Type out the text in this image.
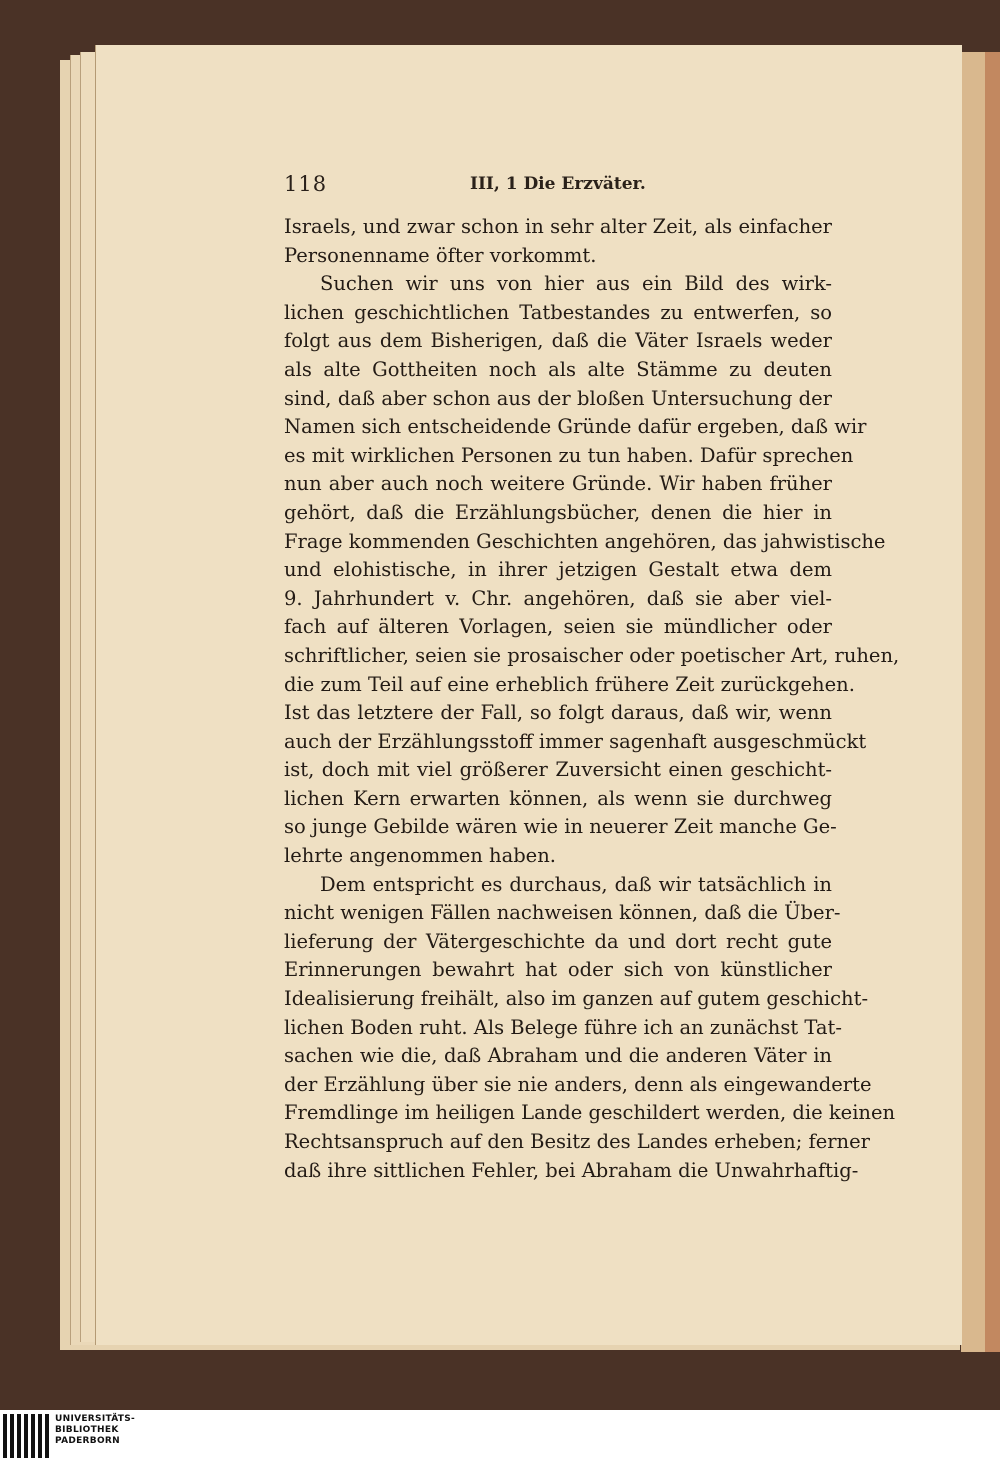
118	III, 1 Die Erzväter.
Israels, und zwar schon in sehr alter Zeit, als einfacher
Personenname öfter vorkommt.
Suchen wir uns von hier aus ein Bild des wirk-
lichen geschichtlichen Tatbestandes zu entwerfen, so
folgt aus dem Bisherigen, daß die Väter Israels weder
als alte Gottheiten noch als alte Stämme zu deuten
sind, daß aber schon aus der bloßen Untersuchung der
Namen sich entscheidende Gründe dafür ergeben, daß wir
es mit wirklichen Personen zu tun haben. Dafür sprechen
nun aber auch noch weitere Gründe. Wir haben früher
gehört, daß die Erzählungsbücher, denen die hier in
Frage kommenden Geschichten angehören, das jahwistische
und elohistische, in ihrer jetzigen Gestalt etwa dem
9. Jahrhundert v. Chr. angehören, daß sie aber viel-
fach auf älteren Vorlagen, seien sie mündlicher oder
schriftlicher, seien sie prosaischer oder poetischer Art, ruhen,
die zum Teil auf eine erheblich frühere Zeit zurückgehen.
Ist das letztere der Fall, so folgt daraus, daß wir, wenn
auch der Erzählungsstoff immer sagenhaft ausgeschmückt
ist, doch mit viel größerer Zuversicht einen geschicht-
lichen Kern erwarten können, als wenn sie durchweg
so junge Gebilde wären wie in neuerer Zeit manche Ge-
lehrte angenommen haben.
Dem entspricht es durchaus, daß wir tatsächlich in
nicht wenigen Fällen nachweisen können, daß die Über-
lieferung der Vätergeschichte da und dort recht gute
Erinnerungen bewahrt hat oder sich von künstlicher
Idealisierung freihält, also im ganzen auf gutem geschicht-
lichen Boden ruht. Als Belege führe ich an zunächst Tat-
sachen wie die, daß Abraham und die anderen Väter in
der Erzählung über sie nie anders, denn als eingewanderte
Fremdlinge im heiligen Lande geschildert werden, die keinen
Rechtsanspruch auf den Besitz des Landes erheben; ferner
daß ihre sittlichen Fehler, bei Abraham die Unwahrhaftig-
UNIVERSITÄTS-
BIBLIOTHEK
PADERBORN
